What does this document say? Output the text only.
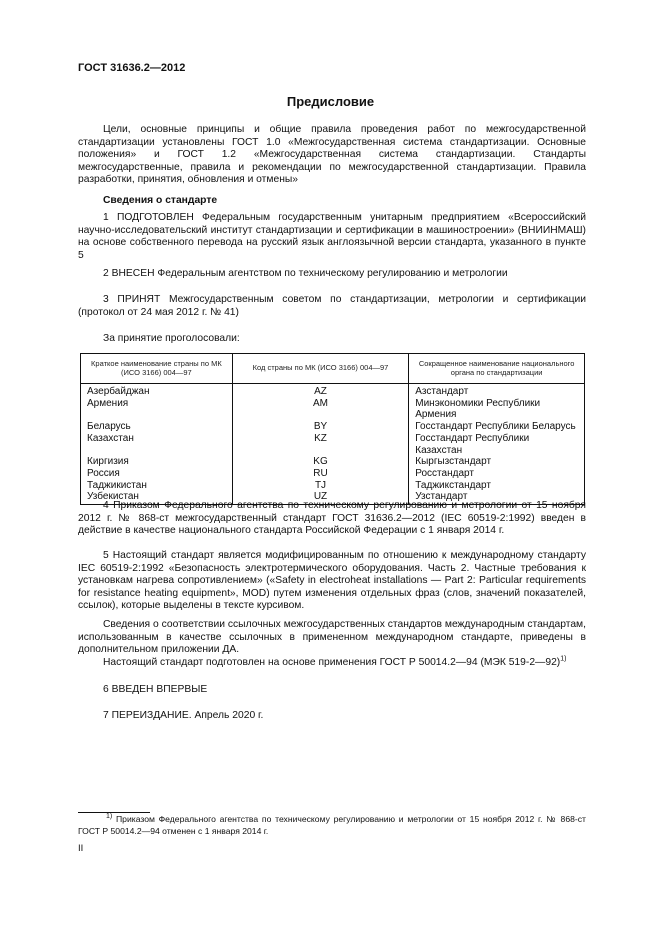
ГОСТ 31636.2—2012
Предисловие

Цели, основные принципы и общие правила проведения работ по межгосударственной стандартизации установлены ГОСТ 1.0 «Межгосударственная система стандартизации. Основные положения» и ГОСТ 1.2 «Межгосударственная система стандартизации. Стандарты межгосударственные, правила и рекомендации по межгосударственной стандартизации. Правила разработки, принятия, обновления и отмены»

Сведения о стандарте

1 ПОДГОТОВЛЕН Федеральным государственным унитарным предприятием «Всероссийский научно-исследовательский институт стандартизации и сертификации в машиностроении» (ВНИИНМАШ) на основе собственного перевода на русский язык англоязычной версии стандарта, указанного в пункте 5

2 ВНЕСЕН Федеральным агентством по техническому регулированию и метрологии

3 ПРИНЯТ Межгосударственным советом по стандартизации, метрологии и сертификации (протокол от 24 мая 2012 г. № 41)

За принятие проголосовали:

Краткое наименование страны по МК (ИСО 3166) 004—97	Код страны по МК (ИСО 3166) 004—97	Сокращенное наименование национального органа по стандартизации
Азербайджан	AZ	Азстандарт
Армения	AM	Минэкономики Республики Армения
Беларусь	BY	Госстандарт Республики Беларусь
Казахстан	KZ	Госстандарт Республики Казахстан
Киргизия	KG	Кыргызстандарт
Россия	RU	Росстандарт
Таджикистан	TJ	Таджикстандарт
Узбекистан	UZ	Узстандарт

4 Приказом Федерального агентства по техническому регулированию и метрологии от 15 ноября 2012 г. № 868-ст межгосударственный стандарт ГОСТ 31636.2—2012 (IEC 60519-2:1992) введен в действие в качестве национального стандарта Российской Федерации с 1 января 2014 г.

5 Настоящий стандарт является модифицированным по отношению к международному стандарту IEC 60519-2:1992 «Безопасность электротермического оборудования. Часть 2. Частные требования к установкам нагрева сопротивлением» («Safety in electroheat installations — Part 2: Particular requirements for resistance heating equipment», MOD) путем изменения отдельных фраз (слов, значений показателей, ссылок), которые выделены в тексте курсивом.

Сведения о соответствии ссылочных межгосударственных стандартов международным стандартам, использованным в качестве ссылочных в примененном международном стандарте, приведены в дополнительном приложении ДА.

Настоящий стандарт подготовлен на основе применения ГОСТ Р 50014.2—94 (МЭК 519-2—92)$^{1)}$

6 ВВЕДЕН ВПЕРВЫЕ

7 ПЕРЕИЗДАНИЕ. Апрель 2020 г.

$^{1)}$ Приказом Федерального агентства по техническому регулированию и метрологии от 15 ноября 2012 г. № 868-ст ГОСТ Р 50014.2—94 отменен с 1 января 2014 г.

II
